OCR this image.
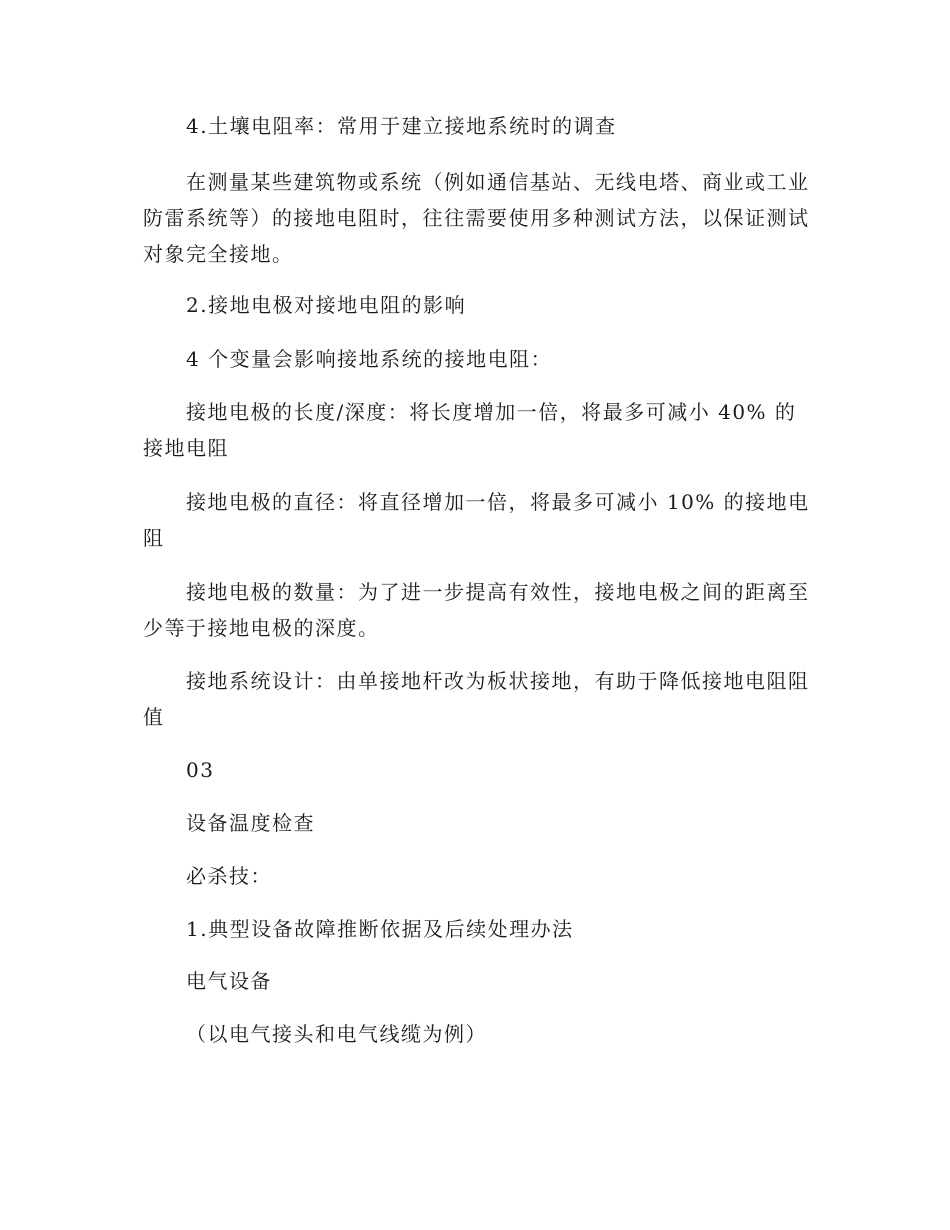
4.土壤电阻率：常用于建立接地系统时的调查

在测量某些建筑物或系统（例如通信基站、无线电塔、商业或工业防雷系统等）的接地电阻时，往往需要使用多种测试方法，以保证测试对象完全接地。

2.接地电极对接地电阻的影响

4 个变量会影响接地系统的接地电阻：

接地电极的长度/深度：将长度增加一倍，将最多可减小 40% 的接地电阻

接地电极的直径：将直径增加一倍，将最多可减小 10% 的接地电阻

接地电极的数量：为了进一步提高有效性，接地电极之间的距离至少等于接地电极的深度。

接地系统设计：由单接地杆改为板状接地，有助于降低接地电阻阻值

03

设备温度检查

必杀技：

1.典型设备故障推断依据及后续处理办法

电气设备

（以电气接头和电气线缆为例）
